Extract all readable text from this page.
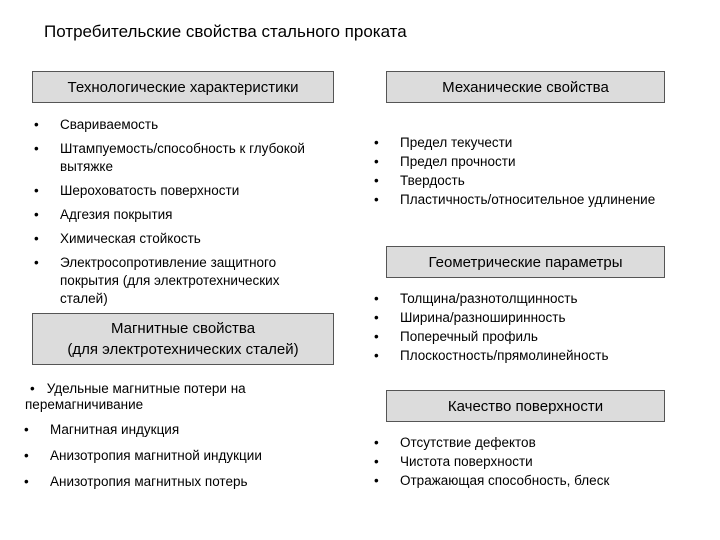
Потребительские свойства стального проката
Технологические характеристики
• Свариваемость
• Штампуемость/способность к глубокой вытяжке
• Шероховатость поверхности
• Адгезия покрытия
• Химическая стойкость
• Электросопротивление защитного покрытия (для электротехнических сталей)
Магнитные свойства
(для электротехнических сталей)
• Удельные магнитные потери на перемагничивание
• Магнитная индукция
• Анизотропия магнитной индукции
• Анизотропия магнитных потерь
Механические свойства
• Предел текучести
• Предел прочности
• Твердость
• Пластичность/относительное удлинение
Геометрические параметры
• Толщина/разнотолщинность
• Ширина/разноширинность
• Поперечный профиль
• Плоскостность/прямолинейность
Качество поверхности
• Отсутствие дефектов
• Чистота поверхности
• Отражающая способность, блеск
